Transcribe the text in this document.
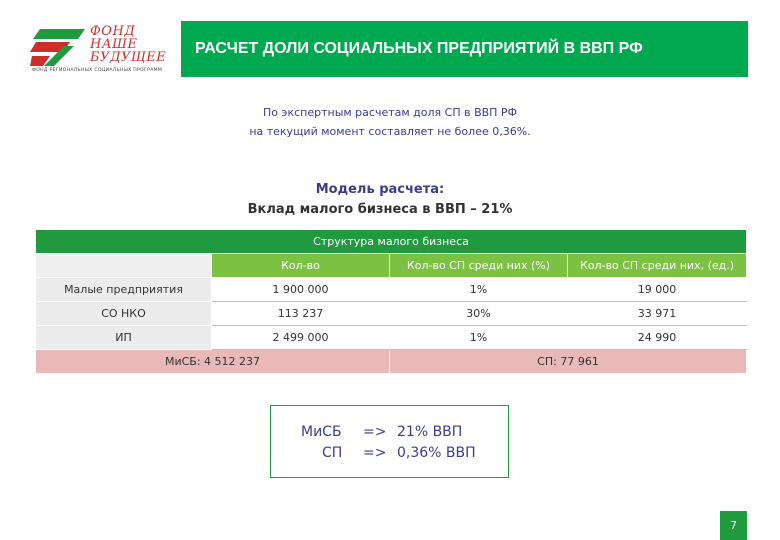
ФОНД
НАШЕ
БУДУЩЕЕ
ФОНД РЕГИОНАЛЬНЫХ СОЦИАЛЬНЫХ ПРОГРАММ
РАСЧЕТ ДОЛИ СОЦИАЛЬНЫХ ПРЕДПРИЯТИЙ В ВВП РФ
По экспертным расчетам доля СП в ВВП РФ
на текущий момент составляет не более 0,36%.
Модель расчета:
Вклад малого бизнеса в ВВП – 21%
Структура малого бизнеса			
	Кол-во	Кол-во СП среди них (%)	Кол-во СП среди них, (ед.)
Малые предприятия	1 900 000	1%	19 000
СО НКО	113 237	30%	33 971
ИП	2 499 000	1%	24 990
МиСБ: 4 512 237		СП: 77 961	
МиСБ => 21% ВВП
СП => 0,36% ВВП
7
